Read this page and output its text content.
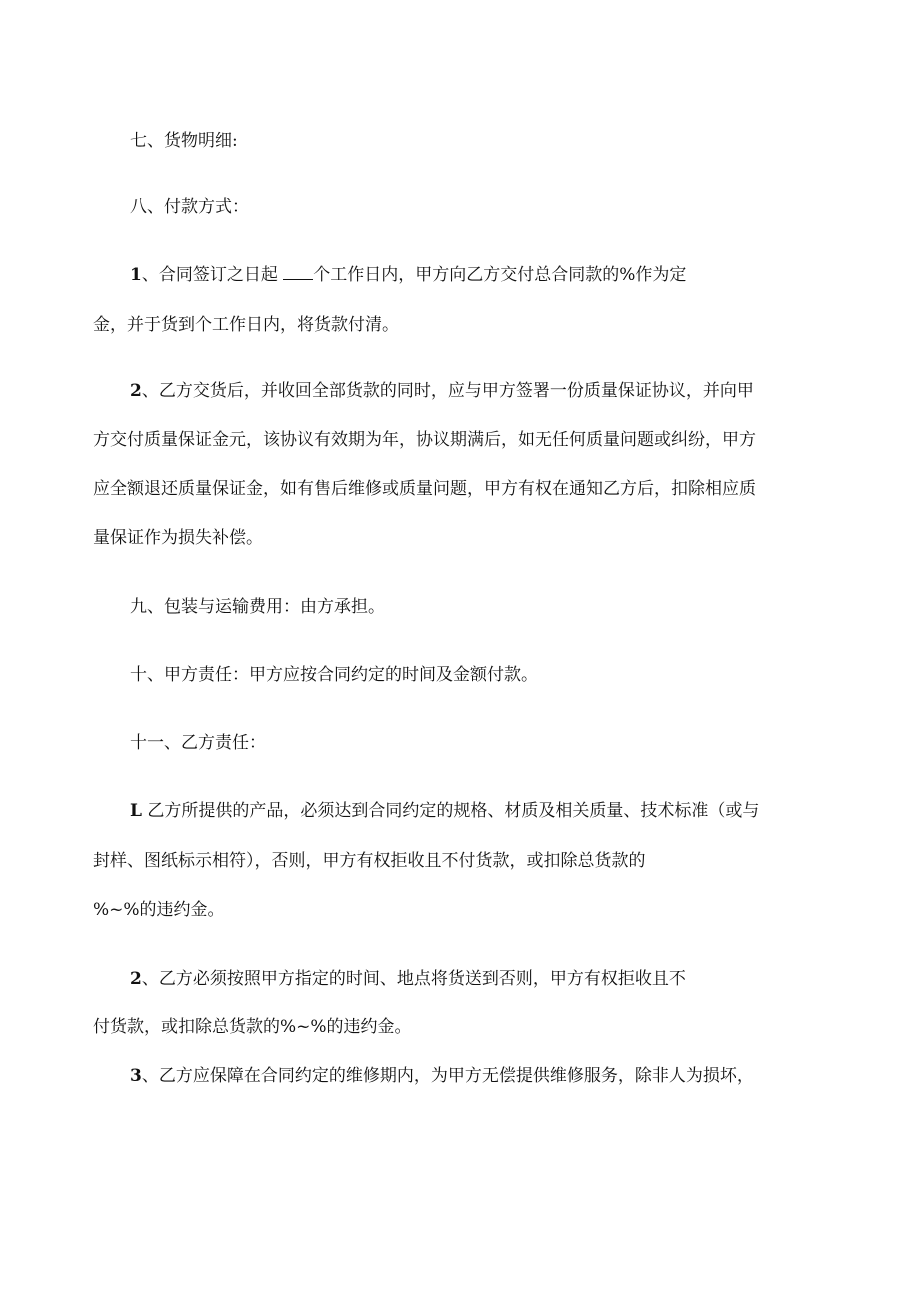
七、货物明细:
八、付款方式：
1、合同签订之日起 个工作日内，甲方向乙方交付总合同款的%作为定
金，并于货到个工作日内，将货款付清。
2、乙方交货后，并收回全部货款的同时，应与甲方签署一份质量保证协议，并向甲
方交付质量保证金元，该协议有效期为年，协议期满后，如无任何质量问题或纠纷，甲方
应全额退还质量保证金，如有售后维修或质量问题，甲方有权在通知乙方后，扣除相应质
量保证作为损失补偿。
九、包装与运输费用：由方承担。
十、甲方责任：甲方应按合同约定的时间及金额付款。
十一、乙方责任：
L 乙方所提供的产品，必须达到合同约定的规格、材质及相关质量、技术标准（或与
封样、图纸标示相符），否则，甲方有权拒收且不付货款，或扣除总货款的
%~%的违约金。
2、乙方必须按照甲方指定的时间、地点将货送到否则，甲方有权拒收且不
付货款，或扣除总货款的%~%的违约金。
3、乙方应保障在合同约定的维修期内，为甲方无偿提供维修服务，除非人为损坏，
